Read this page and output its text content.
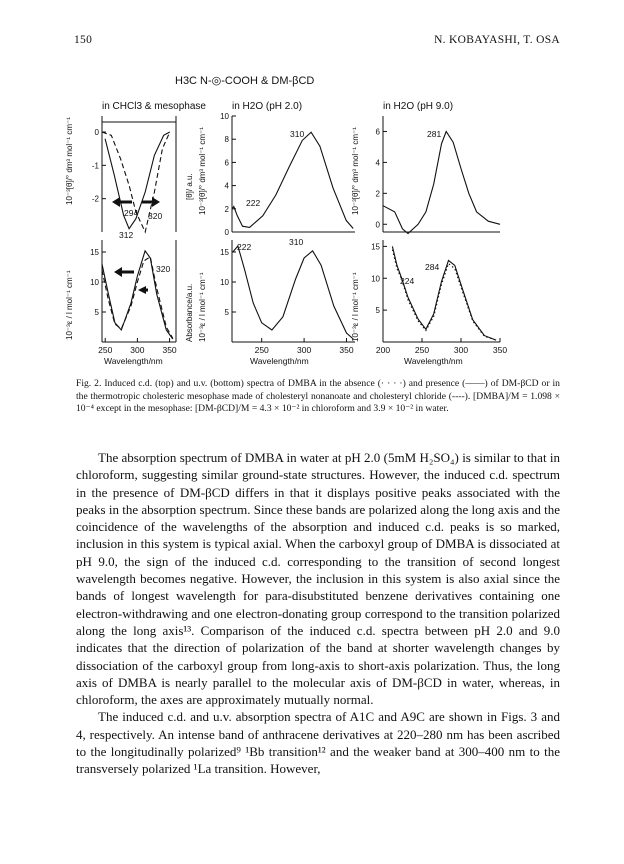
150	N. KOBAYASHI, T. OSA
H3C N-◎-COOH & DM-βCD
in CHCl3 & mesophase	in H2O (pH 2.0)	in H2O (pH 9.0)
10⁻³[θ]/° dm³ mol⁻¹ cm⁻¹	[θ]/ a.u. 10⁻³[θ]/° dm³ mol⁻¹ cm⁻¹	10⁻³[θ]/° dm³ mol⁻¹ cm⁻¹
10⁻³ε / l mol⁻¹ cm⁻¹	Absorbance/a.u. 10⁻³ε / l mol⁻¹ cm⁻¹	10⁻³ε / l mol⁻¹ cm⁻¹
Wavelength/nm	Wavelength/nm	Wavelength/nm
294 320
310
222
281
312
320
222	310
284
224
0
-1
-2
0
2
4
6
8
10
0
2
4
6
5
10
15
250 300 350
5
10
15
250	300	350
5
10
15
200	250	300	350
Fig. 2. Induced c.d. (top) and u.v. (bottom) spectra of DMBA in the absence (· · · ·) and presence (——) of DM-βCD or in the thermotropic cholesteric mesophase made of cholesteryl nonanoate and cholesteryl chloride (----). [DMBA]/M = 1.098 × 10⁻⁴ except in the mesophase: [DM-βCD]/M = 4.3 × 10⁻² in chloroform and 3.9 × 10⁻² in water.

The absorption spectrum of DMBA in water at pH 2.0 (5mM H₂SO₄) is similar to that in chloroform, suggesting similar ground-state structures. However, the induced c.d. spectrum in the presence of DM-βCD differs in that it displays positive peaks associated with the peaks in the absorption spectrum. Since these bands are polarized along the long axis and the coincidence of the wavelengths of the absorption and induced c.d. peaks is so marked, inclusion in this system is typical axial. When the carboxyl group of DMBA is dissociated at pH 9.0, the sign of the induced c.d. corresponding to the transition of second longest wavelength becomes negative. However, the inclusion in this system is also axial since the bands of longest wavelength for para-disubstituted benzene derivatives containing one electron-withdrawing and one electron-donating group correspond to the transition polarized along the long axis¹³. Comparison of the induced c.d. spectra between pH 2.0 and 9.0 indicates that the direction of polarization of the band at shorter wavelength changes by dissociation of the carboxyl group from long-axis to short-axis polarization. Thus, the long axis of DMBA is nearly parallel to the molecular axis of DM-βCD in water, whereas, in chloroform, the axes are approximately mutually normal.

The induced c.d. and u.v. absorption spectra of A1C and A9C are shown in Figs. 3 and 4, respectively. An intense band of anthracene derivatives at 220–280 nm has been ascribed to the longitudinally polarized⁹ ¹Bb transition¹² and the weaker band at 300–400 nm to the transversely polarized ¹La transition. However,
